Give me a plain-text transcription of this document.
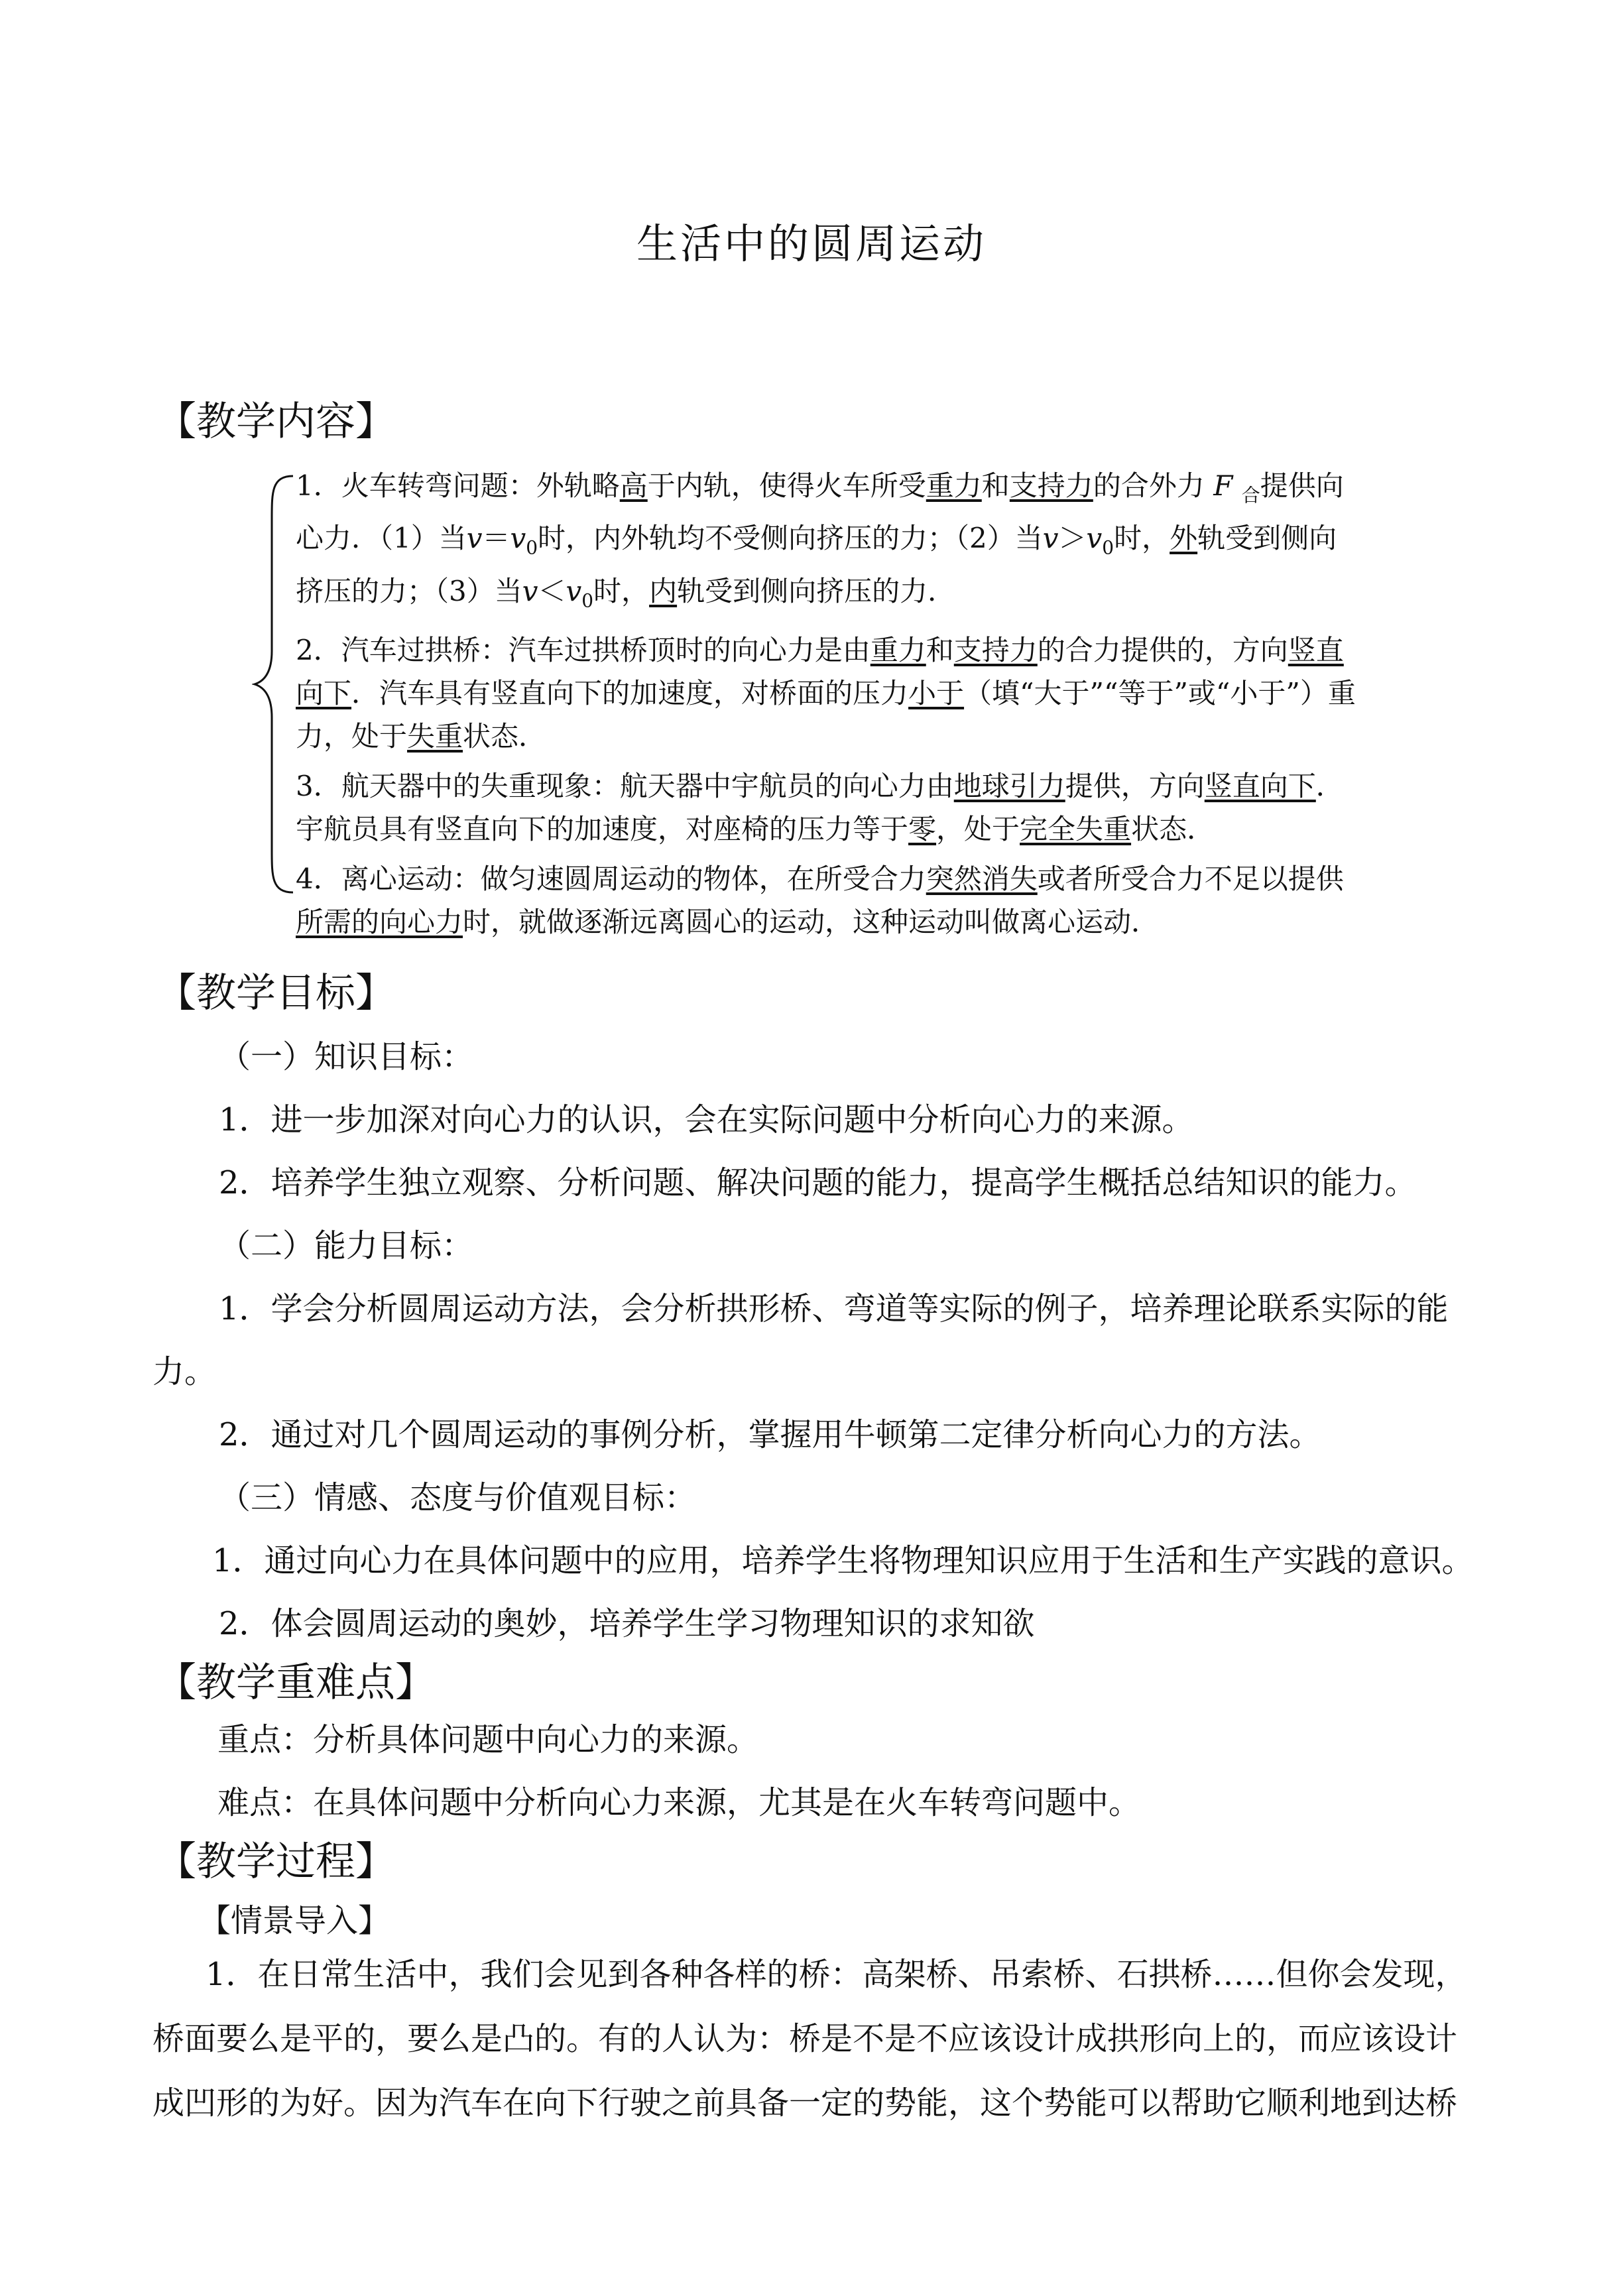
生活中的圆周运动
【教学内容】

1．火车转弯问题：外轨略高于内轨，使得火车所受重力和支持力的合外力 F $_合$提供向心力．（1）当$v=v_0$时，内外轨均不受侧向挤压的力；（2）当$v>v_0$时，外轨受到侧向挤压的力；（3）当$v<v_0$时，内轨受到侧向挤压的力．

2．汽车过拱桥：汽车过拱桥顶时的向心力是由重力和支持力的合力提供的，方向竖直向下．汽车具有竖直向下的加速度，对桥面的压力小于（填“大于”“等于”或“小于”）重力，处于失重状态．

3．航天器中的失重现象：航天器中宇航员的向心力由地球引力提供，方向竖直向下．宇航员具有竖直向下的加速度，对座椅的压力等于零，处于完全失重状态．

4．离心运动：做匀速圆周运动的物体，在所受合力突然消失或者所受合力不足以提供所需的向心力时，就做逐渐远离圆心的运动，这种运动叫做离心运动．

【教学目标】
（一）知识目标：
1．进一步加深对向心力的认识，会在实际问题中分析向心力的来源。
2．培养学生独立观察、分析问题、解决问题的能力，提高学生概括总结知识的能力。
（二）能力目标：
1．学会分析圆周运动方法，会分析拱形桥、弯道等实际的例子，培养理论联系实际的能
力。
2．通过对几个圆周运动的事例分析，掌握用牛顿第二定律分析向心力的方法。
（三）情感、态度与价值观目标：
1．通过向心力在具体问题中的应用，培养学生将物理知识应用于生活和生产实践的意识。
2．体会圆周运动的奥妙，培养学生学习物理知识的求知欲
【教学重难点】
重点：分析具体问题中向心力的来源。
难点：在具体问题中分析向心力来源，尤其是在火车转弯问题中。
【教学过程】
【情景导入】
1．在日常生活中，我们会见到各种各样的桥：高架桥、吊索桥、石拱桥……但你会发现，桥面要么是平的，要么是凸的。有的人认为：桥是不是不应该设计成拱形向上的，而应该设计成凹形的为好。因为汽车在向下行驶之前具备一定的势能，这个势能可以帮助它顺利地到达桥
